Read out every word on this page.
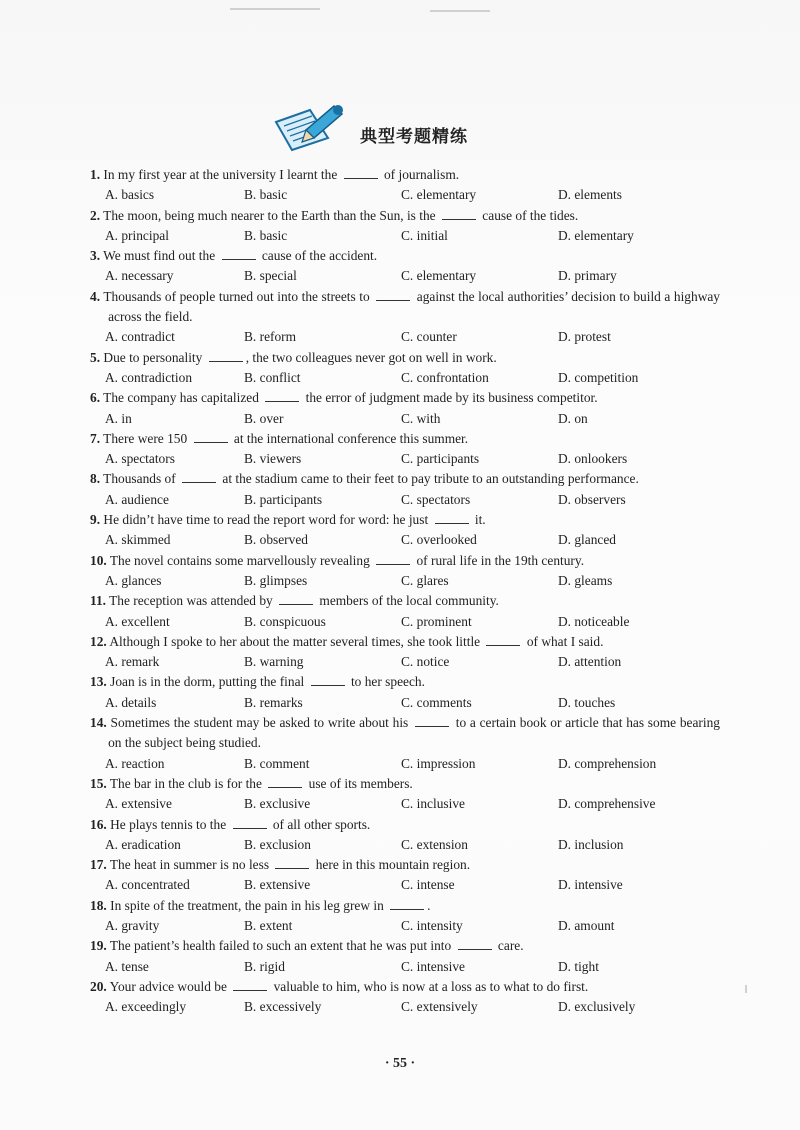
典型考题精练
1. In my first year at the university I learnt the	of journalism.
A. basics	B. basic	C. elementary	D. elements
2. The moon, being much nearer to the Earth than the Sun, is the	cause of the tides.
A. principal	B. basic	C. initial	D. elementary
3. We must find out the	cause of the accident.
A. necessary	B. special	C. elementary	D. primary
4. Thousands of people turned out into the streets to	against the local authorities’ decision to build a highway across the field.
A. contradict	B. reform	C. counter	D. protest
5. Due to personality	, the two colleagues never got on well in work.
A. contradiction	B. conflict	C. confrontation	D. competition
6. The company has capitalized	the error of judgment made by its business competitor.
A. in	B. over	C. with	D. on
7. There were 150	at the international conference this summer.
A. spectators	B. viewers	C. participants	D. onlookers
8. Thousands of	at the stadium came to their feet to pay tribute to an outstanding performance.
A. audience	B. participants	C. spectators	D. observers
9. He didn’t have time to read the report word for word: he just	it.
A. skimmed	B. observed	C. overlooked	D. glanced
10. The novel contains some marvellously revealing	of rural life in the 19th century.
A. glances	B. glimpses	C. glares	D. gleams
11. The reception was attended by	members of the local community.
A. excellent	B. conspicuous	C. prominent	D. noticeable
12. Although I spoke to her about the matter several times, she took little	of what I said.
A. remark	B. warning	C. notice	D. attention
13. Joan is in the dorm, putting the final	to her speech.
A. details	B. remarks	C. comments	D. touches
14. Sometimes the student may be asked to write about his	to a certain book or article that has some bearing on the subject being studied.
A. reaction	B. comment	C. impression	D. comprehension
15. The bar in the club is for the	use of its members.
A. extensive	B. exclusive	C. inclusive	D. comprehensive
16. He plays tennis to the	of all other sports.
A. eradication	B. exclusion	C. extension	D. inclusion
17. The heat in summer is no less	here in this mountain region.
A. concentrated	B. extensive	C. intense	D. intensive
18. In spite of the treatment, the pain in his leg grew in	.
A. gravity	B. extent	C. intensity	D. amount
19. The patient’s health failed to such an extent that he was put into	care.
A. tense	B. rigid	C. intensive	D. tight
20. Your advice would be	valuable to him, who is now at a loss as to what to do first.
A. exceedingly	B. excessively	C. extensively	D. exclusively
· 55 ·
